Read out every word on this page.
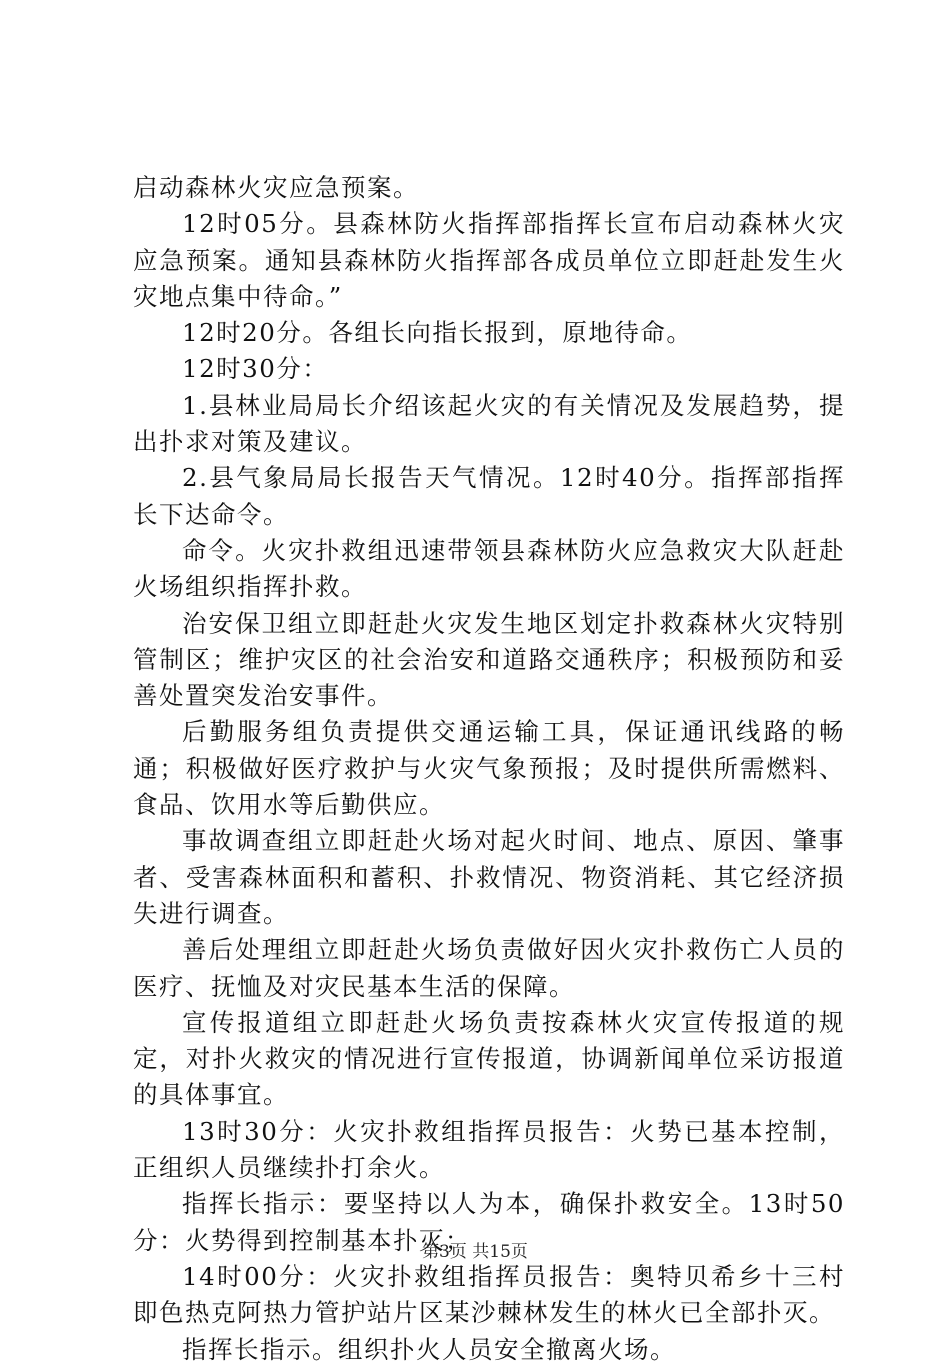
启动森林火灾应急预案。

12时05分。县森林防火指挥部指挥长宣布启动森林火灾应急预案。通知县森林防火指挥部各成员单位立即赶赴发生火灾地点集中待命。”

12时20分。各组长向指长报到，原地待命。

12时30分：

1.县林业局局长介绍该起火灾的有关情况及发展趋势，提出扑求对策及建议。

2.县气象局局长报告天气情况。12时40分。指挥部指挥长下达命令。

命令。火灾扑救组迅速带领县森林防火应急救灾大队赶赴火场组织指挥扑救。

治安保卫组立即赶赴火灾发生地区划定扑救森林火灾特别管制区；维护灾区的社会治安和道路交通秩序；积极预防和妥善处置突发治安事件。

后勤服务组负责提供交通运输工具，保证通讯线路的畅通；积极做好医疗救护与火灾气象预报；及时提供所需燃料、食品、饮用水等后勤供应。

事故调查组立即赶赴火场对起火时间、地点、原因、肇事者、受害森林面积和蓄积、扑救情况、物资消耗、其它经济损失进行调查。

善后处理组立即赶赴火场负责做好因火灾扑救伤亡人员的医疗、抚恤及对灾民基本生活的保障。

宣传报道组立即赶赴火场负责按森林火灾宣传报道的规定，对扑火救灾的情况进行宣传报道，协调新闻单位采访报道的具体事宜。

13时30分：火灾扑救组指挥员报告：火势已基本控制，正组织人员继续扑打余火。

指挥长指示：要坚持以人为本，确保扑救安全。13时50分：火势得到控制基本扑灭；

14时00分：火灾扑救组指挥员报告：奥特贝希乡十三村即色热克阿热力管护站片区某沙棘林发生的林火已全部扑灭。

指挥长指示。组织扑火人员安全撤离火场。

第3页 共15页
